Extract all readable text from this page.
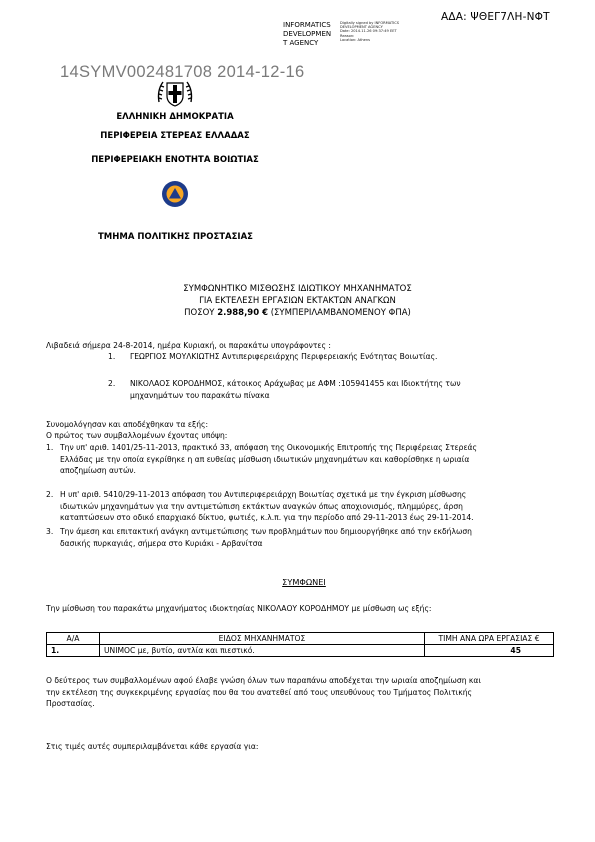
ΑΔΑ: ΨΘΕΓ7ΛΗ-ΝΦΤ
INFORMATICS DEVELOPMEN T AGENCY
Digitally signed by INFORMATICS DEVELOPMENT AGENCY
Date: 2014.11.26 09:37:49 EET
Reason:
Location: Athens
14SYMV002481708 2014-12-16
ΕΛΛΗΝΙΚΗ ΔΗΜΟΚΡΑΤΙΑ
ΠΕΡΙΦΕΡΕΙΑ ΣΤΕΡΕΑΣ ΕΛΛΑΔΑΣ
ΠΕΡΙΦΕΡΕΙΑΚΗ ΕΝΟΤΗΤΑ ΒΟΙΩΤΙΑΣ
ΤΜΗΜΑ ΠΟΛΙΤΙΚΗΣ ΠΡΟΣΤΑΣΙΑΣ
ΣΥΜΦΩΝΗΤΙΚΟ ΜΙΣΘΩΣΗΣ ΙΔΙΩΤΙΚΟΥ ΜΗΧΑΝΗΜΑΤΟΣ
ΓΙΑ ΕΚΤΕΛΕΣΗ ΕΡΓΑΣΙΩΝ ΕΚΤΑΚΤΩΝ ΑΝΑΓΚΩΝ
ΠΟΣΟΥ 2.988,90 € (ΣΥΜΠΕΡΙΛΑΜΒΑΝΟΜΕΝΟΥ ΦΠΑ)
Λιβαδειά σήμερα 24-8-2014, ημέρα Κυριακή, οι παρακάτω υπογράφοντες :
1. ΓΕΩΡΓΙΟΣ ΜΟΥΛΚΙΩΤΗΣ Αντιπεριφερειάρχης Περιφερειακής Ενότητας Βοιωτίας.
2. ΝΙΚΟΛΑΟΣ ΚΟΡΟΔΗΜΟΣ, κάτοικος Αράχωβας με ΑΦΜ :105941455 και Ιδιοκτήτης των
μηχανημάτων του παρακάτω πίνακα
Συνομολόγησαν και αποδέχθηκαν τα εξής:
Ο πρώτος των συμβαλλομένων έχοντας υπόψη:
1. Την υπ' αριθ. 1401/25-11-2013, πρακτικό 33, απόφαση της Οικονομικής Επιτροπής της Περιφέρειας Στερεάς
Ελλάδας με την οποία εγκρίθηκε η απ ευθείας μίσθωση ιδιωτικών μηχανημάτων και καθορίσθηκε η ωριαία
αποζημίωση αυτών.
2. Η υπ' αριθ. 5410/29-11-2013 απόφαση του Αντιπεριφερειάρχη Βοιωτίας σχετικά με την έγκριση μίσθωσης
ιδιωτικών μηχανημάτων για την αντιμετώπιση εκτάκτων αναγκών όπως αποχιονισμός, πλημμύρες, άρση
καταπτώσεων στο οδικό επαρχιακό δίκτυο, φωτιές, κ.λ.π. για την περίοδο από 29-11-2013 έως 29-11-2014.
3. Την άμεση και επιτακτική ανάγκη αντιμετώπισης των προβλημάτων που δημιουργήθηκε από την εκδήλωση
δασικής πυρκαγιάς, σήμερα στο Κυριάκι - Αρβανίτσα
ΣΥΜΦΩΝΕΙ
Την μίσθωση του παρακάτω μηχανήματος ιδιοκτησίας ΝΙΚΟΛΑΟΥ ΚΟΡΟΔΗΜΟΥ με μίσθωση ως εξής:
Α/Α	ΕΙΔΟΣ ΜΗΧΑΝΗΜΑΤΟΣ	ΤΙΜΗ ΑΝΑ ΩΡΑ ΕΡΓΑΣΙΑΣ €
1.	UNIMOC με, βυτίο, αντλία και πιεστικό.	45
Ο δεύτερος των συμβαλλομένων αφού έλαβε γνώση όλων των παραπάνω αποδέχεται την ωριαία αποζημίωση και
την εκτέλεση της συγκεκριμένης εργασίας που θα του ανατεθεί από τους υπευθύνους του Τμήματος Πολιτικής
Προστασίας.
Στις τιμές αυτές συμπεριλαμβάνεται κάθε εργασία για:
